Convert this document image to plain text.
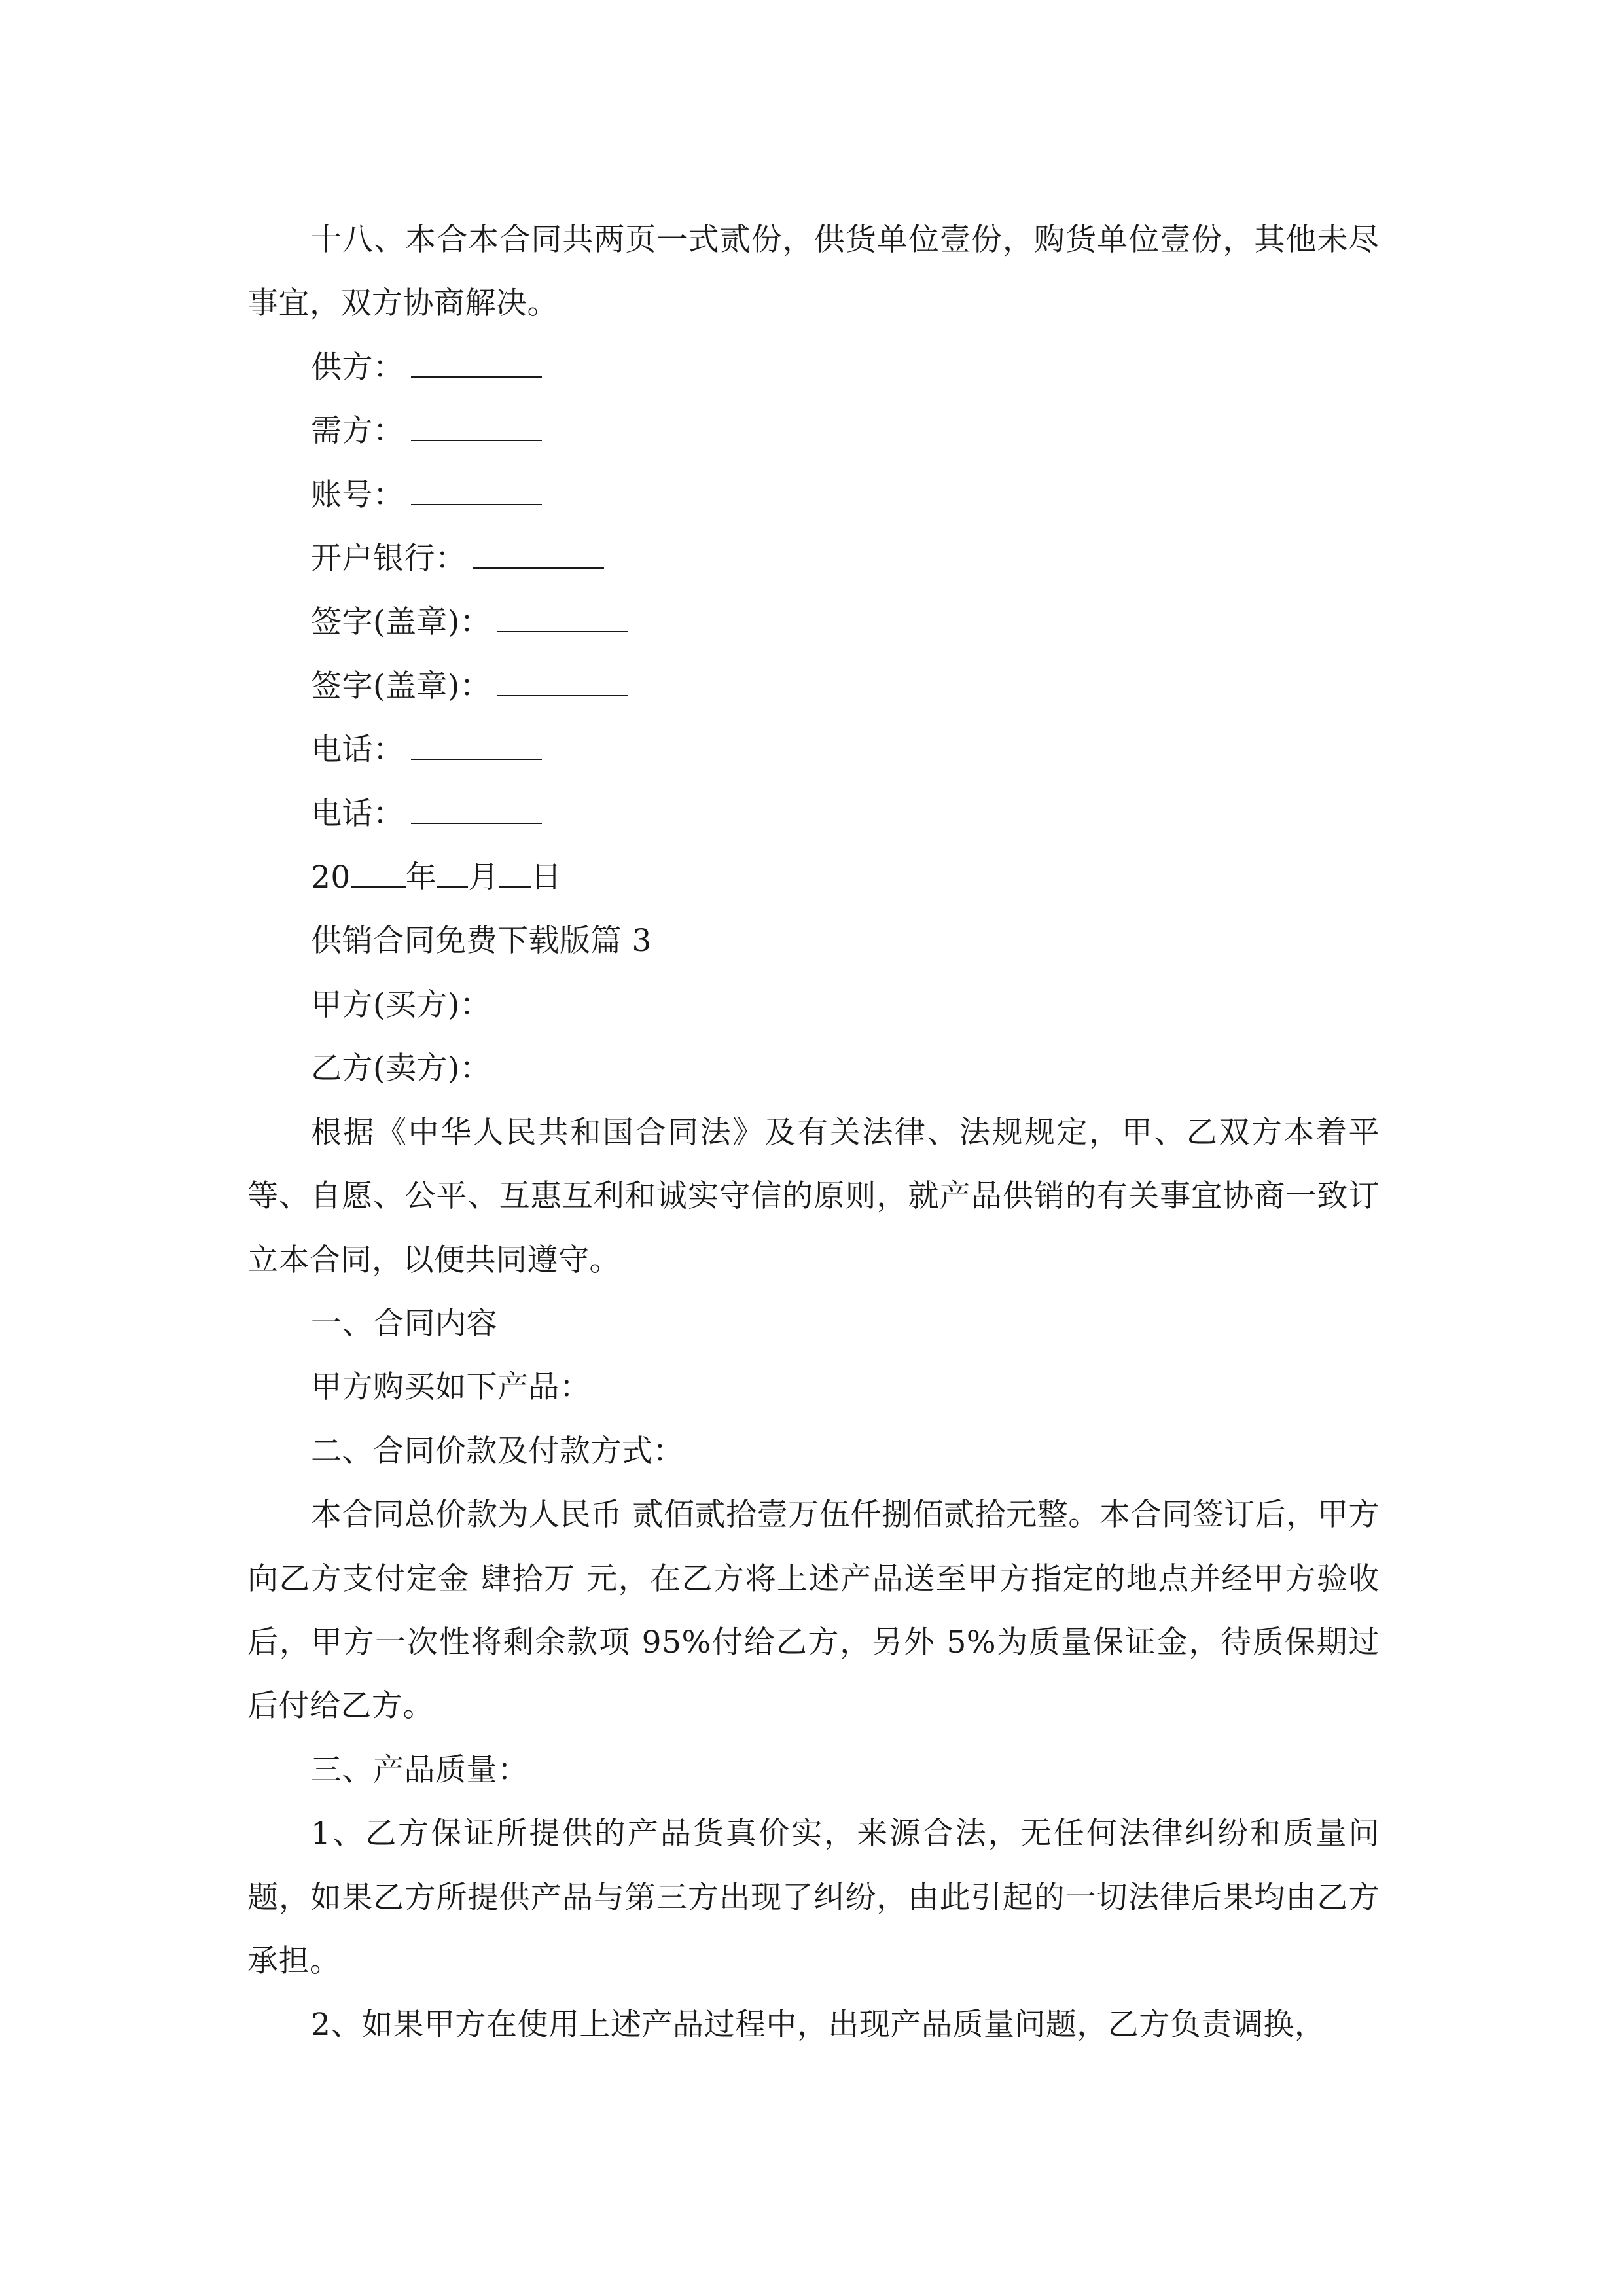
十八、本合本合同共两页一式贰份，供货单位壹份，购货单位壹份，其他未尽事宜，双方协商解决。

供方：

需方：

账号：

开户银行：

签字(盖章)：

签字(盖章)：

电话：

电话：

20 年 月 日

供销合同免费下载版篇 3

甲方(买方)：

乙方(卖方)：

根据《中华人民共和国合同法》及有关法律、法规规定，甲、乙双方本着平等、自愿、公平、互惠互利和诚实守信的原则，就产品供销的有关事宜协商一致订立本合同，以便共同遵守。

一、合同内容

甲方购买如下产品：

二、合同价款及付款方式：

本合同总价款为人民币 贰佰贰拾壹万伍仟捌佰贰拾元整。本合同签订后，甲方向乙方支付定金 肆拾万 元，在乙方将上述产品送至甲方指定的地点并经甲方验收后，甲方一次性将剩余款项 95%付给乙方，另外 5%为质量保证金，待质保期过后付给乙方。

三、产品质量：

1、乙方保证所提供的产品货真价实，来源合法，无任何法律纠纷和质量问题，如果乙方所提供产品与第三方出现了纠纷，由此引起的一切法律后果均由乙方承担。

2、如果甲方在使用上述产品过程中，出现产品质量问题，乙方负责调换，
